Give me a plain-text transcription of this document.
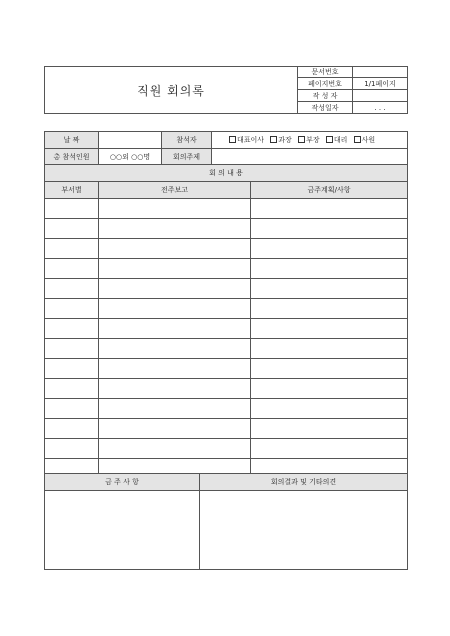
직원 회의록	문서번호	
	페이지번호	1/1페이지
	작 성 자	
	작성일자	. . .
날 짜		참석자	대표이사 과장 부장 대리 사원
총 참석인원	○○외 ○○명	회의주제	
회 의 내 용		
부서별	전주보고	금주계획/사항

금 주 사 항	회의결과 및 기타의견
